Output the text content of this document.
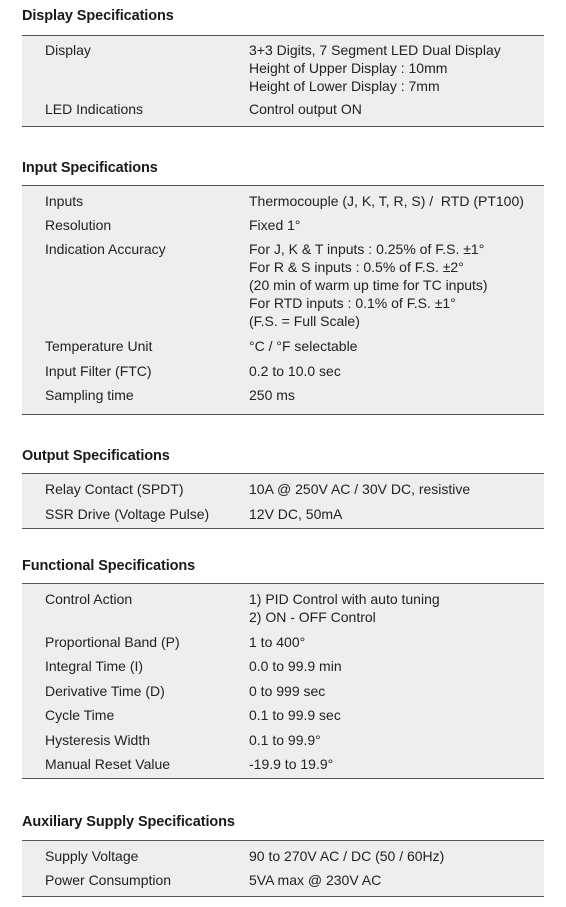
Display Specifications
Display	3+3 Digits, 7 Segment LED Dual Display
Height of Upper Display : 10mm
Height of Lower Display : 7mm
LED Indications	Control output ON
Input Specifications
Inputs	Thermocouple (J, K, T, R, S) /  RTD (PT100)
Resolution	Fixed 1°
Indication Accuracy	For J, K & T inputs : 0.25% of F.S. ±1°
For R & S inputs : 0.5% of F.S. ±2°
(20 min of warm up time for TC inputs)
For RTD inputs : 0.1% of F.S. ±1°
(F.S. = Full Scale)
Temperature Unit	°C / °F selectable
Input Filter (FTC)	0.2 to 10.0 sec
Sampling time	250 ms
Output Specifications
Relay Contact (SPDT)	10A @ 250V AC / 30V DC, resistive
SSR Drive (Voltage Pulse)	12V DC, 50mA
Functional Specifications
Control Action	1) PID Control with auto tuning
2) ON - OFF Control
Proportional Band (P)	1 to 400°
Integral Time (I)	0.0 to 99.9 min
Derivative Time (D)	0 to 999 sec
Cycle Time	0.1 to 99.9 sec
Hysteresis Width	0.1 to 99.9°
Manual Reset Value	-19.9 to 19.9°
Auxiliary Supply Specifications
Supply Voltage	90 to 270V AC / DC (50 / 60Hz)
Power Consumption	5VA max @ 230V AC
